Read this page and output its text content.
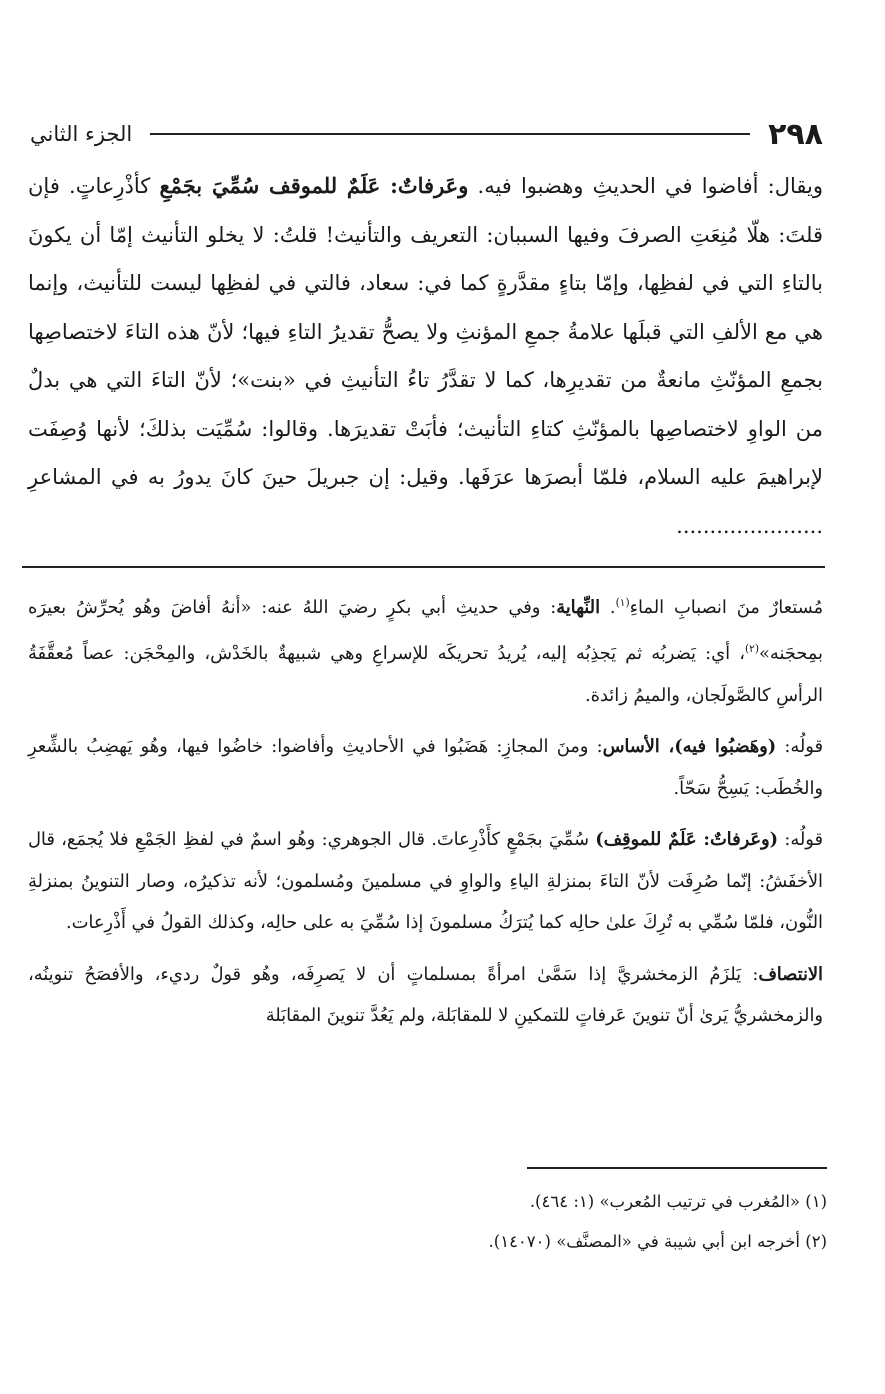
٢٩٨
الجزء الثاني

ويقال: أفاضوا في الحديثِ وهضبوا فيه. وعَرفاتٌ: عَلَمٌ للموقف سُمِّيَ بجَمْعِ كأذْرِعاتٍ. فإن قلتَ: هلّا مُنِعَتِ الصرفَ وفيها السببان: التعريف والتأنيث! قلتُ: لا يخلو التأنيث إمّا أن يكونَ بالتاءِ التي في لفظِها، وإمّا بتاءٍ مقدَّرةٍ كما في: سعاد، فالتي في لفظِها ليست للتأنيث، وإنما هي مع الألفِ التي قبلَها علامةُ جمعِ المؤنثِ ولا يصحُّ تقديرُ التاءِ فيها؛ لأنّ هذه التاءَ لاختصاصِها بجمعِ المؤنّثِ مانعةٌ من تقديرِها، كما لا تقدَّرُ تاءُ التأنيثِ في «بنت»؛ لأنّ التاءَ التي هي بدلٌ من الواوِ لاختصاصِها بالمؤنّثِ كتاءِ التأنيث؛ فأبَتْ تقديرَها. وقالوا: سُمِّيَت بذلكَ؛ لأنها وُصِفَت لإبراهيمَ عليه السلام، فلمّا أبصرَها عرَفَها. وقيل: إن جبريلَ حينَ كانَ يدورُ به في المشاعرِ ......................

مُستعارٌ منَ انصبابِ الماءِ$^{(١)}$. النِّهاية: وفي حديثِ أبي بكرٍ رضيَ اللهُ عنه: «أنهُ أفاضَ وهُو يُحرِّشُ بعيرَه بمِحجَنه»$^{(٢)}$، أي: يَضربُه ثم يَجذِبُه إليه، يُريدُ تحريكَه للإسراعِ وهي شبيهةٌ بالخَدْش، والمِحْجَن: عصاً مُعقَّفَةُ الرأسِ كالصَّولَجان، والميمُ زائدة.

قولُه: (وهَضبُوا فيه)، الأساس: ومنَ المجازِ: هَضَبُوا في الأحاديثِ وأفاضوا: خاضُوا فيها، وهُو يَهضِبُ بالشِّعرِ والخُطَب: يَسِحُّ سَحّاً.

قولُه: (وعَرفاتٌ: عَلَمٌ للموقِف) سُمِّيَ بجَمْعٍ كأَذْرِعاتَ. قال الجوهري: وهُو اسمٌ في لفظِ الجَمْعِ فلا يُجمَع، قال الأخفَشُ: إنّما صُرِفَت لأنّ التاءَ بمنزلةِ الياءِ والواوِ في مسلمينَ ومُسلمون؛ لأنه تذكيرُه، وصار التنوينُ بمنزلةِ النُّون، فلمّا سُمِّي به تُرِكَ علىٰ حالِه كما يُترَكُ مسلمونَ إذا سُمِّيَ به على حالِه، وكذلك القولُ في أَذْرِعات.

الانتصاف: يَلزَمُ الزمخشريَّ إذا سَمَّىٰ امرأةً بمسلماتٍ أن لا يَصرِفَه، وهُو قولٌ رديء، والأفصَحُ تنوينُه، والزمخشريُّ يَرىٰ أنّ تنوينَ عَرفاتٍ للتمكينِ لا للمقابَلة، ولم يَعُدَّ تنوينَ المقابَلة

(١) «المُغرب في ترتيب المُعرب» (١: ٤٦٤).

(٢) أخرجه ابن أبي شيبة في «المصنَّف» (١٤٠٧٠).
